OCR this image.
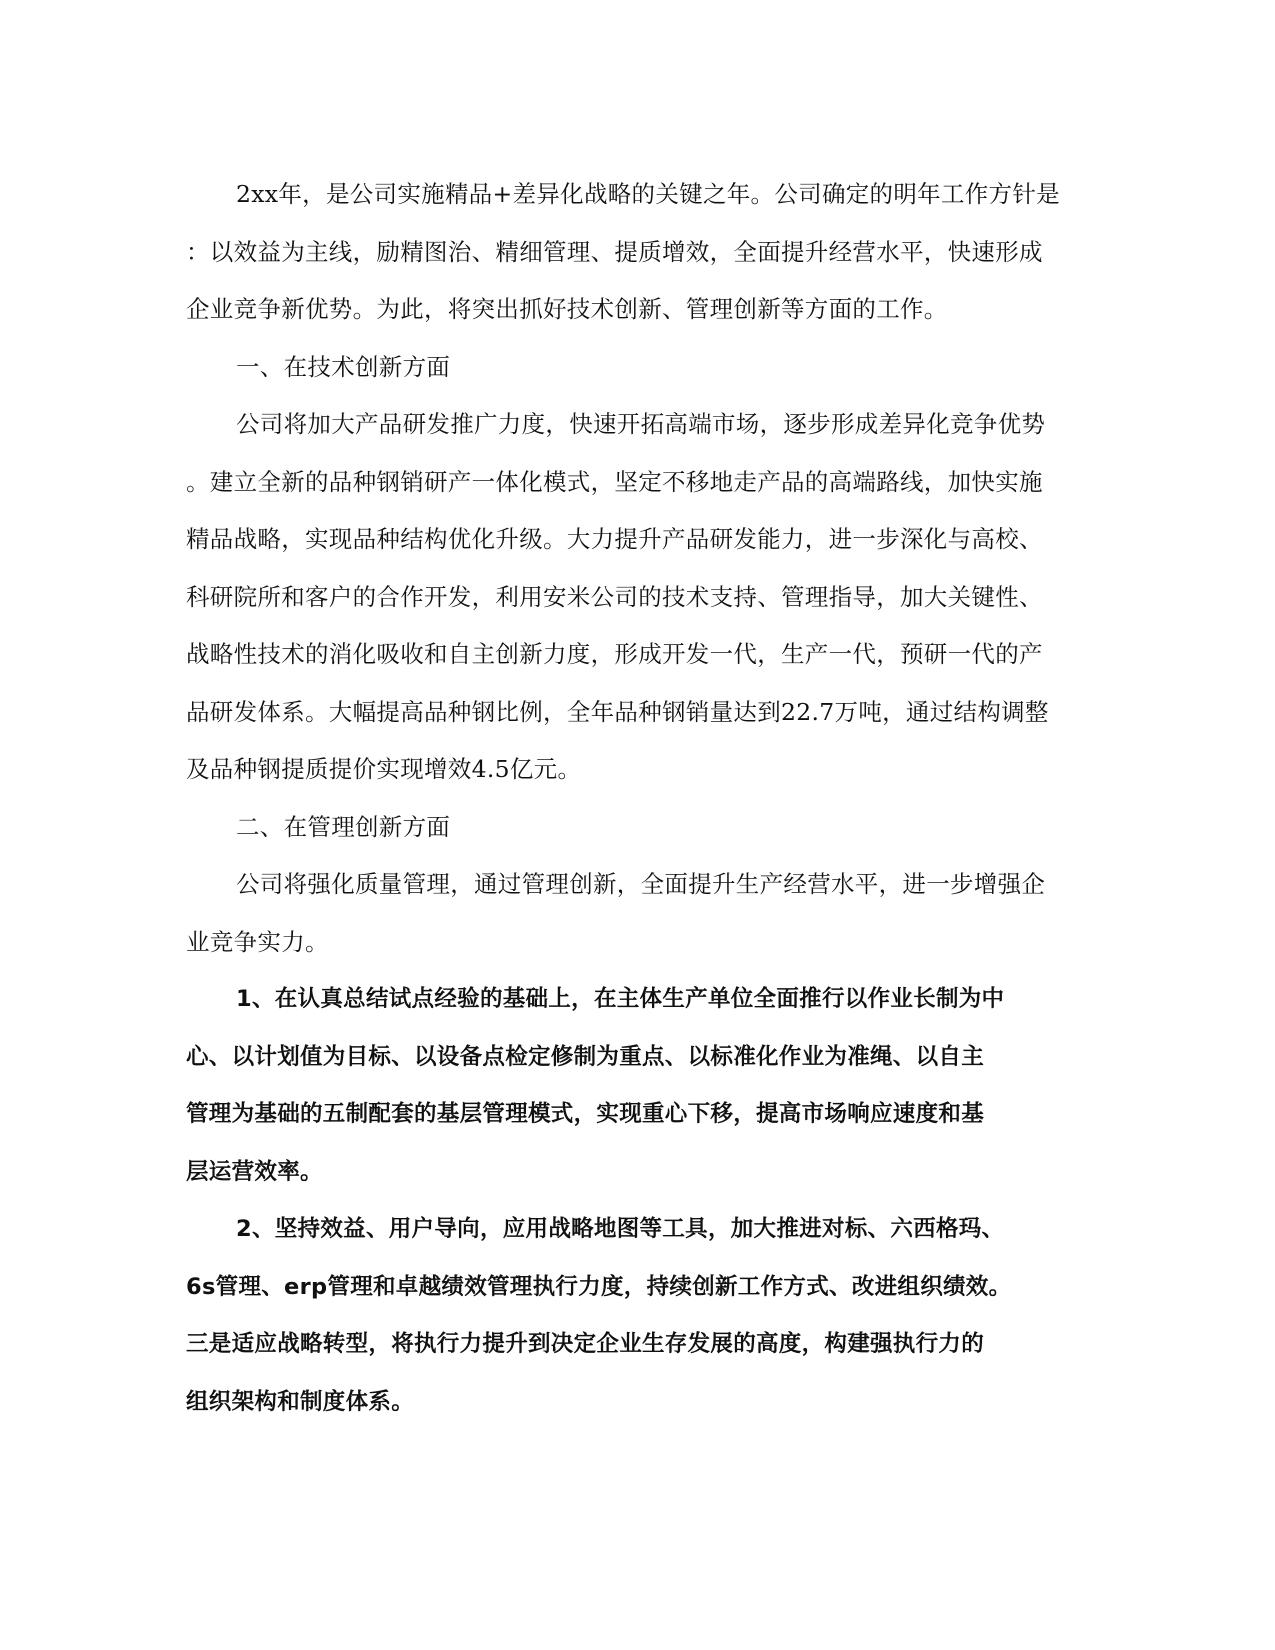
2xx年，是公司实施精品+差异化战略的关键之年。公司确定的明年工作方针是
：以效益为主线，励精图治、精细管理、提质增效，全面提升经营水平，快速形成
企业竞争新优势。为此，将突出抓好技术创新、管理创新等方面的工作。
一、在技术创新方面
公司将加大产品研发推广力度，快速开拓高端市场，逐步形成差异化竞争优势
。建立全新的品种钢销研产一体化模式，坚定不移地走产品的高端路线，加快实施
精品战略，实现品种结构优化升级。大力提升产品研发能力，进一步深化与高校、
科研院所和客户的合作开发，利用安米公司的技术支持、管理指导，加大关键性、
战略性技术的消化吸收和自主创新力度，形成开发一代，生产一代，预研一代的产
品研发体系。大幅提高品种钢比例，全年品种钢销量达到22.7万吨，通过结构调整
及品种钢提质提价实现增效4.5亿元。
二、在管理创新方面
公司将强化质量管理，通过管理创新，全面提升生产经营水平，进一步增强企
业竞争实力。
1、在认真总结试点经验的基础上，在主体生产单位全面推行以作业长制为中
心、以计划值为目标、以设备点检定修制为重点、以标准化作业为准绳、以自主
管理为基础的五制配套的基层管理模式，实现重心下移，提高市场响应速度和基
层运营效率。
2、坚持效益、用户导向，应用战略地图等工具，加大推进对标、六西格玛、
6s管理、erp管理和卓越绩效管理执行力度，持续创新工作方式、改进组织绩效。
三是适应战略转型，将执行力提升到决定企业生存发展的高度，构建强执行力的
组织架构和制度体系。
